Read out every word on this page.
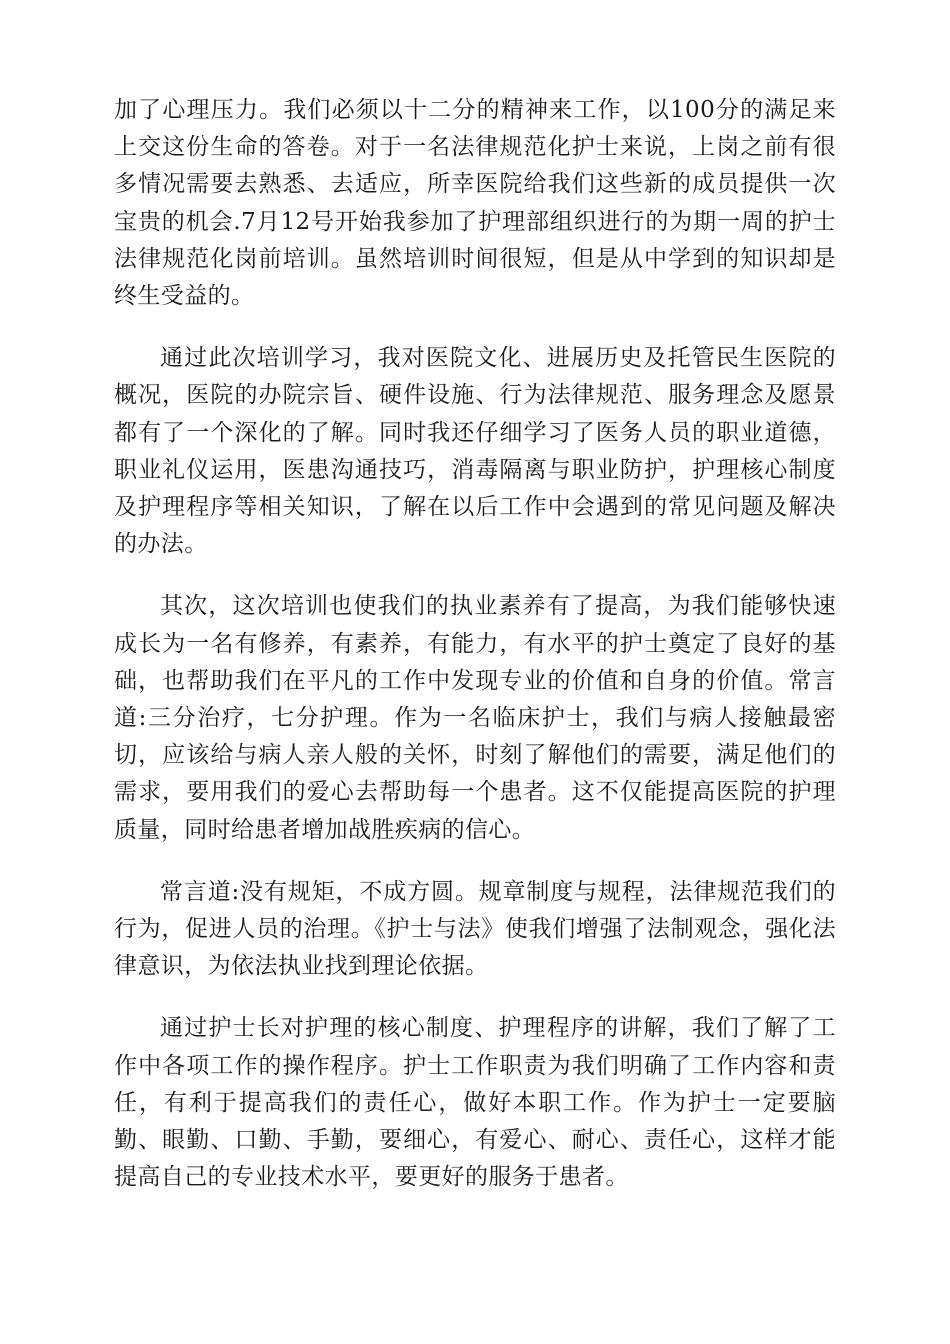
加了心理压力。我们必须以十二分的精神来工作，以100分的满足来上交这份生命的答卷。对于一名法律规范化护士来说，上岗之前有很多情况需要去熟悉、去适应，所幸医院给我们这些新的成员提供一次宝贵的机会.7月12号开始我参加了护理部组织进行的为期一周的护士法律规范化岗前培训。虽然培训时间很短，但是从中学到的知识却是终生受益的。

通过此次培训学习，我对医院文化、进展历史及托管民生医院的概况，医院的办院宗旨、硬件设施、行为法律规范、服务理念及愿景都有了一个深化的了解。同时我还仔细学习了医务人员的职业道德，职业礼仪运用，医患沟通技巧，消毒隔离与职业防护，护理核心制度及护理程序等相关知识，了解在以后工作中会遇到的常见问题及解决的办法。

其次，这次培训也使我们的执业素养有了提高，为我们能够快速成长为一名有修养，有素养，有能力，有水平的护士奠定了良好的基础，也帮助我们在平凡的工作中发现专业的价值和自身的价值。常言道:三分治疗，七分护理。作为一名临床护士，我们与病人接触最密切，应该给与病人亲人般的关怀，时刻了解他们的需要，满足他们的需求，要用我们的爱心去帮助每一个患者。这不仅能提高医院的护理质量，同时给患者增加战胜疾病的信心。

常言道:没有规矩，不成方圆。规章制度与规程，法律规范我们的行为，促进人员的治理。《护士与法》使我们增强了法制观念，强化法律意识，为依法执业找到理论依据。

通过护士长对护理的核心制度、护理程序的讲解，我们了解了工作中各项工作的操作程序。护士工作职责为我们明确了工作内容和责任，有利于提高我们的责任心，做好本职工作。作为护士一定要脑勤、眼勤、口勤、手勤，要细心，有爱心、耐心、责任心，这样才能提高自己的专业技术水平，要更好的服务于患者。
